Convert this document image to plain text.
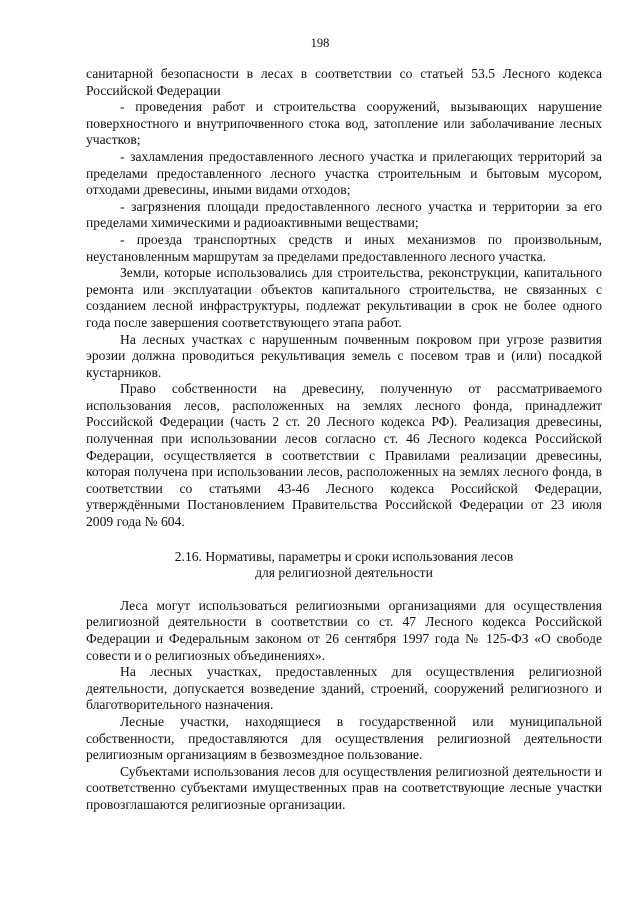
198

санитарной безопасности в лесах в соответствии со статьей 53.5 Лесного кодекса Российской Федерации

- проведения работ и строительства сооружений, вызывающих нарушение поверхностного и внутрипочвенного стока вод, затопление или заболачивание лесных участков;

- захламления предоставленного лесного участка и прилегающих территорий за пределами предоставленного лесного участка строительным и бытовым мусором, отходами древесины, иными видами отходов;

- загрязнения площади предоставленного лесного участка и территории за его пределами химическими и радиоактивными веществами;

- проезда транспортных средств и иных механизмов по произвольным, неустановленным маршрутам за пределами предоставленного лесного участка.

Земли, которые использовались для строительства, реконструкции, капитального ремонта или эксплуатации объектов капитального строительства, не связанных с созданием лесной инфраструктуры, подлежат рекультивации в срок не более одного года после завершения соответствующего этапа работ.

На лесных участках с нарушенным почвенным покровом при угрозе развития эрозии должна проводиться рекультивация земель с посевом трав и (или) посадкой кустарников.

Право собственности на древесину, полученную от рассматриваемого использования лесов, расположенных на землях лесного фонда, принадлежит Российской Федерации (часть 2 ст. 20 Лесного кодекса РФ). Реализация древесины, полученная при использовании лесов согласно ст. 46 Лесного кодекса Российской Федерации, осуществляется в соответствии с Правилами реализации древесины, которая получена при использовании лесов, расположенных на землях лесного фонда, в соответствии со статьями 43-46 Лесного кодекса Российской Федерации, утверждёнными Постановлением Правительства Российской Федерации от 23 июля 2009 года № 604.

2.16. Нормативы, параметры и сроки использования лесов
для религиозной деятельности

Леса могут использоваться религиозными организациями для осуществления религиозной деятельности в соответствии со ст. 47 Лесного кодекса Российской Федерации и Федеральным законом от 26 сентября 1997 года № 125-ФЗ «О свободе совести и о религиозных объединениях».

На лесных участках, предоставленных для осуществления религиозной деятельности, допускается возведение зданий, строений, сооружений религиозного и благотворительного назначения.

Лесные участки, находящиеся в государственной или муниципальной собственности, предоставляются для осуществления религиозной деятельности религиозным организациям в безвозмездное пользование.

Субъектами использования лесов для осуществления религиозной деятельности и соответственно субъектами имущественных прав на соответствующие лесные участки провозглашаются религиозные организации.
